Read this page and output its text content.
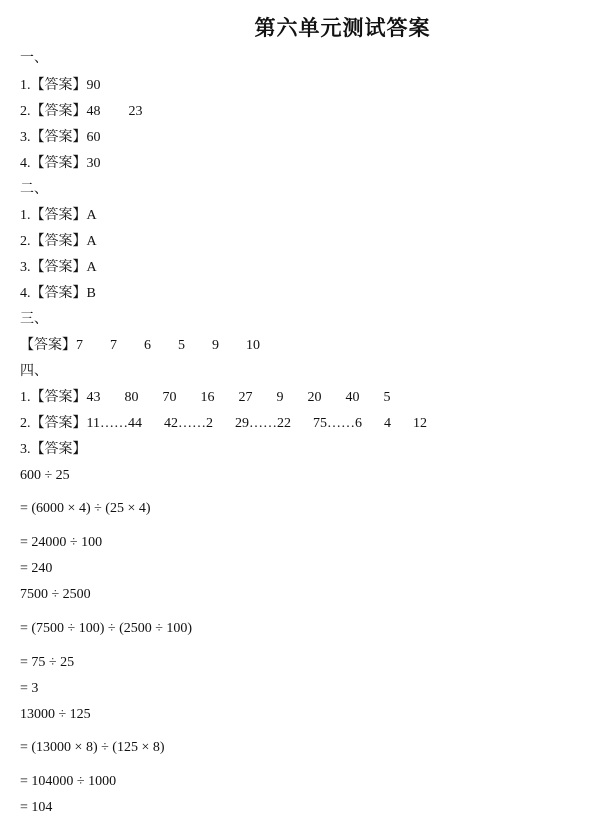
第六单元测试答案
一、
1.【答案】90
2.【答案】48 23
3.【答案】60
4.【答案】30
二、
1.【答案】A
2.【答案】A
3.【答案】A
4.【答案】B
三、
【答案】7 7 6 5 9 10
四、
1.【答案】43 80 70 16 27 9 20 40 5
2.【答案】11……44 42……2 29……22 75……6 4 12
3.【答案】
600 ÷ 25
= (6000 × 4) ÷ (25 × 4)
= 24000 ÷ 100
= 240
7500 ÷ 2500
= (7500 ÷ 100) ÷ (2500 ÷ 100)
= 75 ÷ 25
= 3
13000 ÷ 125
= (13000 × 8) ÷ (125 × 8)
= 104000 ÷ 1000
= 104
